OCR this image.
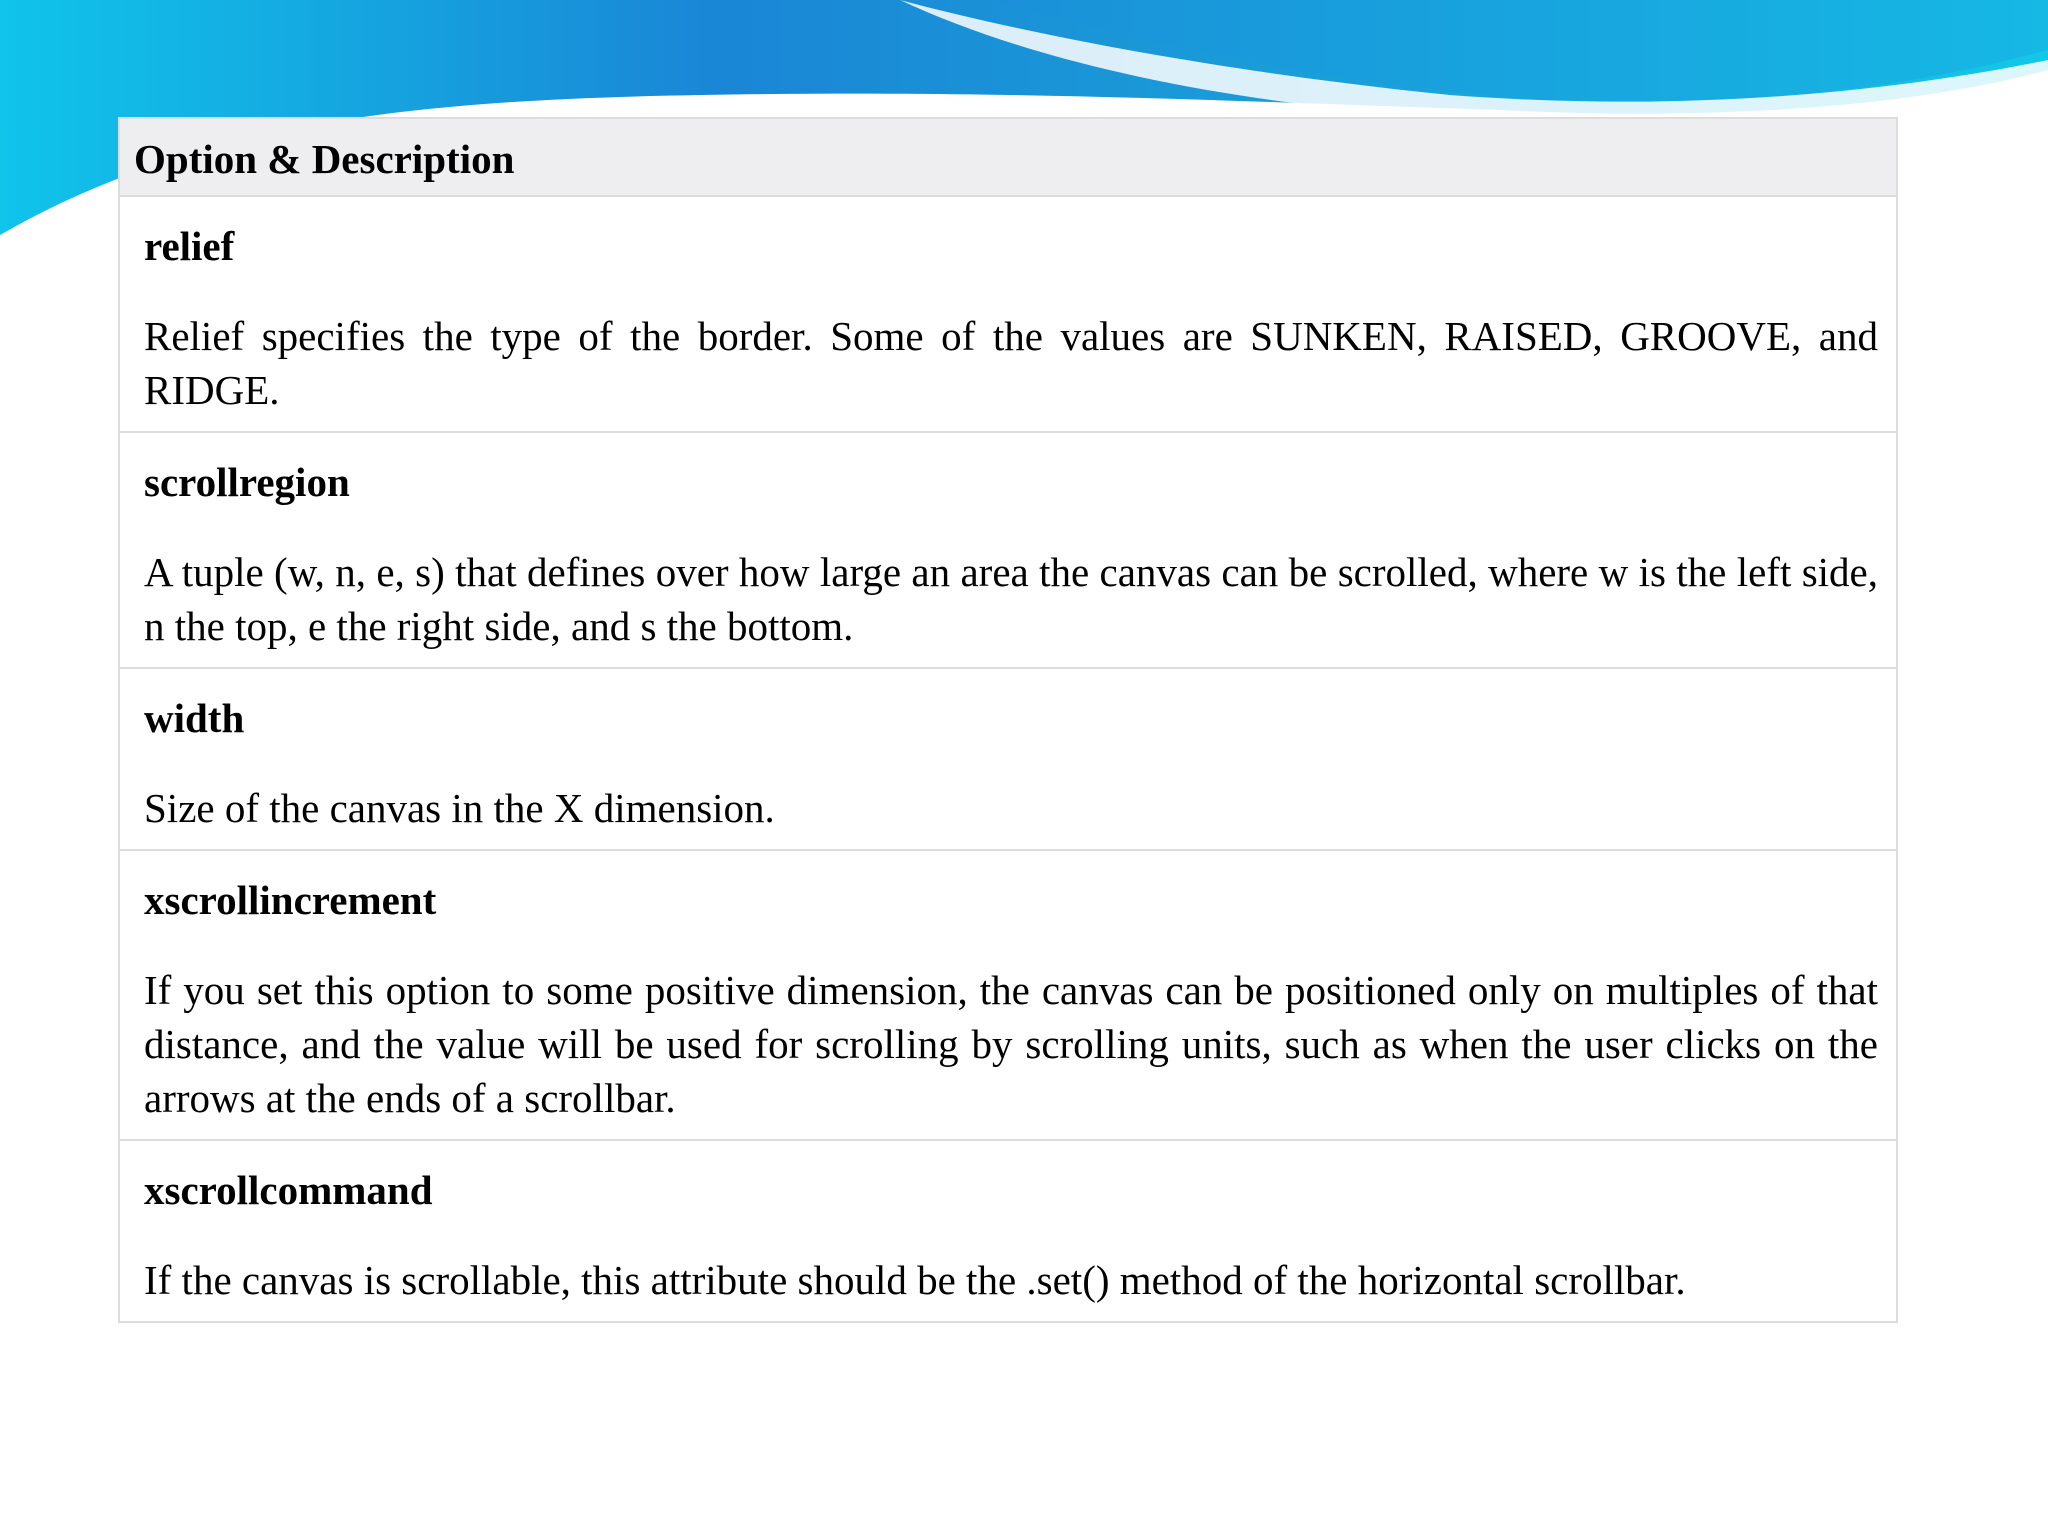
Option & Description

relief

Relief specifies the type of the border. Some of the values are SUNKEN, RAISED, GROOVE, and RIDGE.

scrollregion

A tuple (w, n, e, s) that defines over how large an area the canvas can be scrolled, where w is the left side, n the top, e the right side, and s the bottom.

width

Size of the canvas in the X dimension.

xscrollincrement

If you set this option to some positive dimension, the canvas can be positioned only on multiples of that distance, and the value will be used for scrolling by scrolling units, such as when the user clicks on the arrows at the ends of a scrollbar.

xscrollcommand

If the canvas is scrollable, this attribute should be the .set() method of the horizontal scrollbar.
